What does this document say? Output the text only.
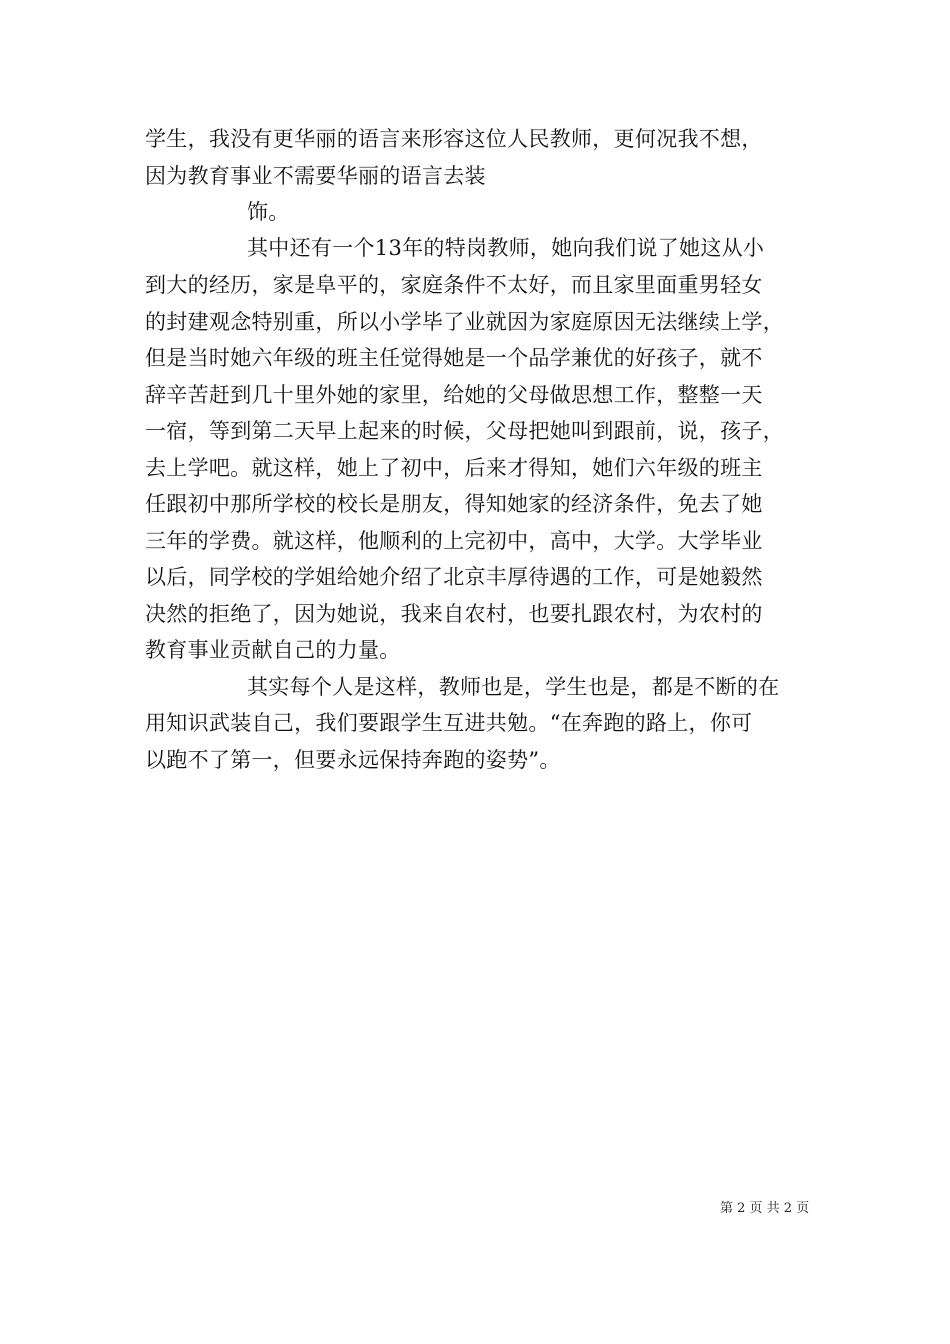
学生，我没有更华丽的语言来形容这位人民教师，更何况我不想，
因为教育事业不需要华丽的语言去装
饰。
其中还有一个13年的特岗教师，她向我们说了她这从小
到大的经历，家是阜平的，家庭条件不太好，而且家里面重男轻女
的封建观念特别重，所以小学毕了业就因为家庭原因无法继续上学，
但是当时她六年级的班主任觉得她是一个品学兼优的好孩子，就不
辞辛苦赶到几十里外她的家里，给她的父母做思想工作，整整一天
一宿，等到第二天早上起来的时候，父母把她叫到跟前，说，孩子，
去上学吧。就这样，她上了初中，后来才得知，她们六年级的班主
任跟初中那所学校的校长是朋友，得知她家的经济条件，免去了她
三年的学费。就这样，他顺利的上完初中，高中，大学。大学毕业
以后，同学校的学姐给她介绍了北京丰厚待遇的工作，可是她毅然
决然的拒绝了，因为她说，我来自农村，也要扎跟农村，为农村的
教育事业贡献自己的力量。
其实每个人是这样，教师也是，学生也是，都是不断的在
用知识武装自己，我们要跟学生互进共勉。“在奔跑的路上，你可
以跑不了第一，但要永远保持奔跑的姿势”。
第 2 页 共 2 页
